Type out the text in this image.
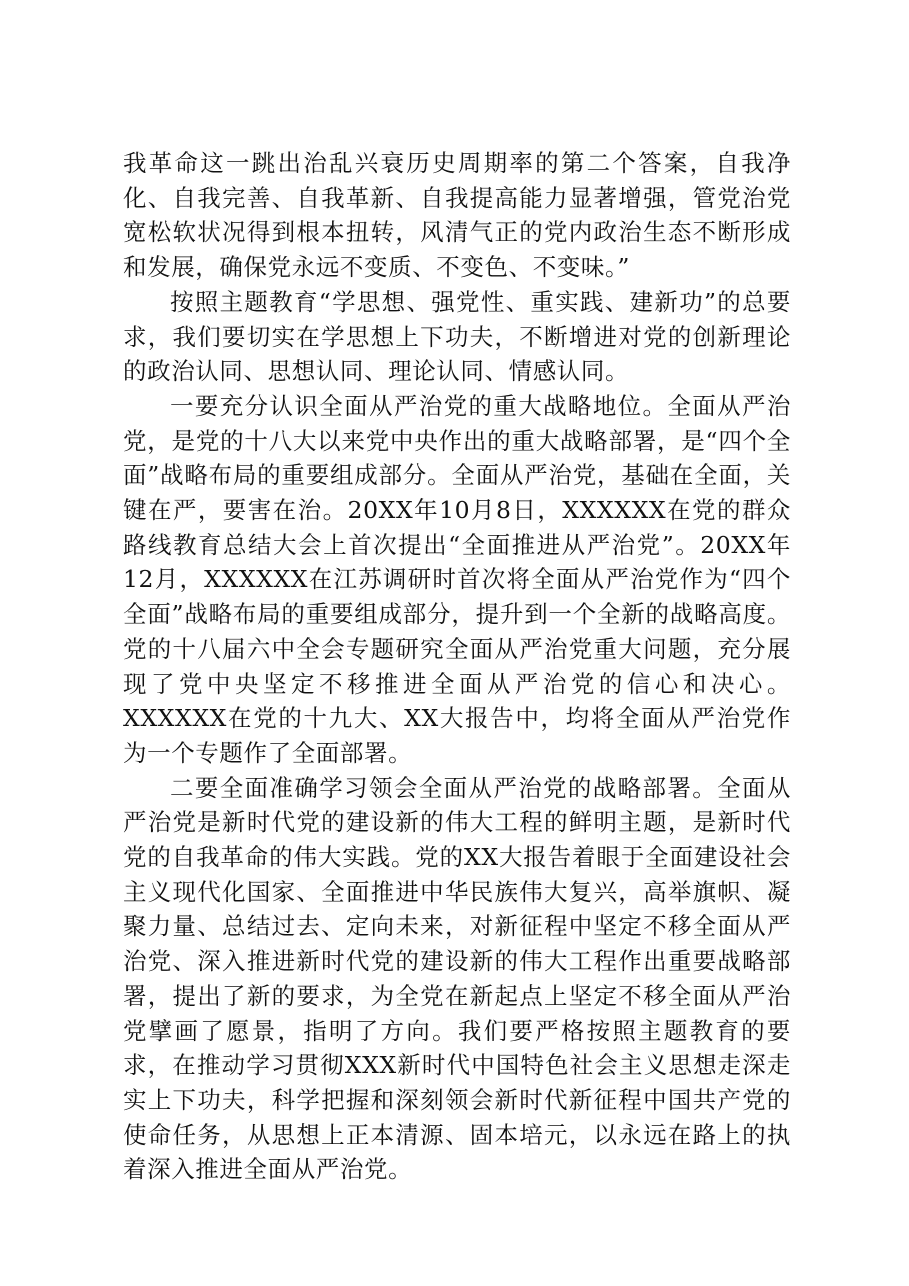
我革命这一跳出治乱兴衰历史周期率的第二个答案，自我净化、自我完善、自我革新、自我提高能力显著增强，管党治党宽松软状况得到根本扭转，风清气正的党内政治生态不断形成和发展，确保党永远不变质、不变色、不变味。”

按照主题教育“学思想、强党性、重实践、建新功”的总要求，我们要切实在学思想上下功夫，不断增进对党的创新理论的政治认同、思想认同、理论认同、情感认同。

一要充分认识全面从严治党的重大战略地位。全面从严治党，是党的十八大以来党中央作出的重大战略部署，是“四个全面”战略布局的重要组成部分。全面从严治党，基础在全面，关键在严，要害在治。20XX年10月8日，XXXXXX在党的群众路线教育总结大会上首次提出“全面推进从严治党”。20XX年12月，XXXXXX在江苏调研时首次将全面从严治党作为“四个全面”战略布局的重要组成部分，提升到一个全新的战略高度。党的十八届六中全会专题研究全面从严治党重大问题，充分展现了党中央坚定不移推进全面从严治党的信心和决心。XXXXXX在党的十九大、XX大报告中，均将全面从严治党作为一个专题作了全面部署。

二要全面准确学习领会全面从严治党的战略部署。全面从严治党是新时代党的建设新的伟大工程的鲜明主题，是新时代党的自我革命的伟大实践。党的XX大报告着眼于全面建设社会主义现代化国家、全面推进中华民族伟大复兴，高举旗帜、凝聚力量、总结过去、定向未来，对新征程中坚定不移全面从严治党、深入推进新时代党的建设新的伟大工程作出重要战略部署，提出了新的要求，为全党在新起点上坚定不移全面从严治党擘画了愿景，指明了方向。我们要严格按照主题教育的要求，在推动学习贯彻XXX新时代中国特色社会主义思想走深走实上下功夫，科学把握和深刻领会新时代新征程中国共产党的使命任务，从思想上正本清源、固本培元，以永远在路上的执着深入推进全面从严治党。
